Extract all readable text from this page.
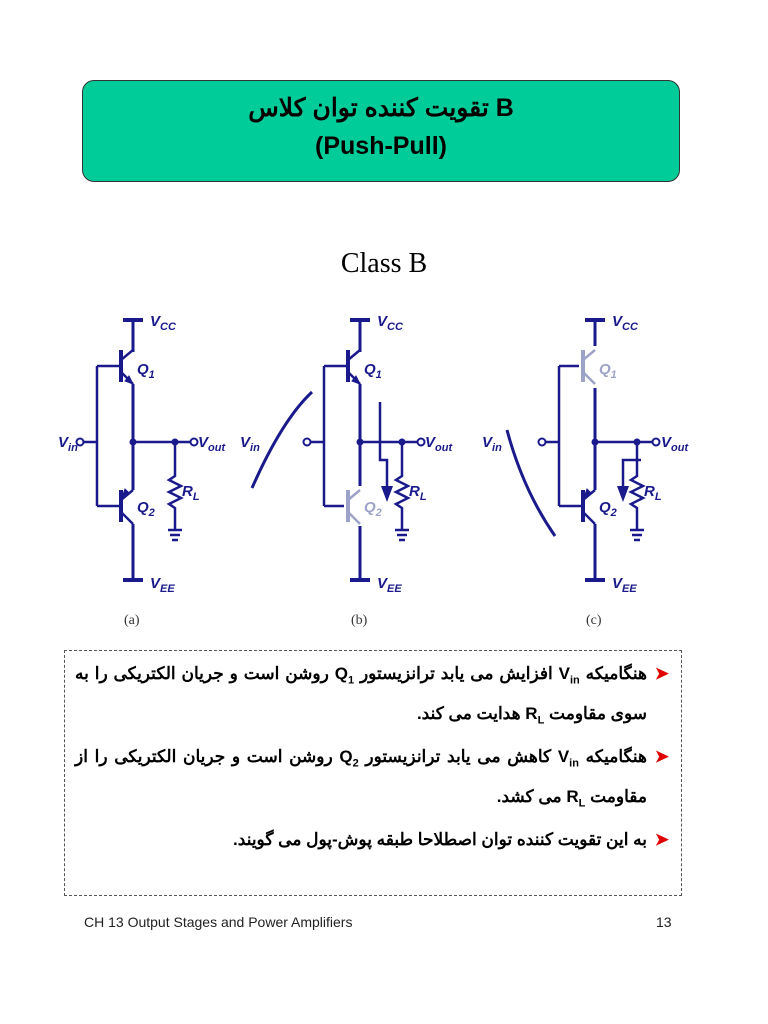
تقویت کننده توان کلاس B
(Push-Pull)
Class B
$V_{CC}$
$Q_1$
$Q_2$
$V_{EE}$
$V_{in}$	$V_{out}$
$R_L$
$V_{CC}$
$Q_1$
$Q_2$
$V_{EE}$
$V_{in}$	$V_{out}$
$R_L$
$V_{CC}$
$Q_1$
$Q_2$
$V_{EE}$
$V_{in}$	$V_{out}$
$R_L$
(a)	(b)	(c)
➤
هنگامیکه $V_{in}$ افزایش می یابد ترانزیستور $Q_1$ روشن است و جریان الکتریکی را به سوی مقاومت $R_L$ هدایت می کند.
➤
هنگامیکه $V_{in}$ کاهش می یابد ترانزیستور $Q_2$ روشن است و جریان الکتریکی را از مقاومت $R_L$ می کشد.
➤
به این تقویت کننده توان اصطلاحا طبقه پوش-پول می گویند.
CH 13 Output Stages and Power Amplifiers	13
